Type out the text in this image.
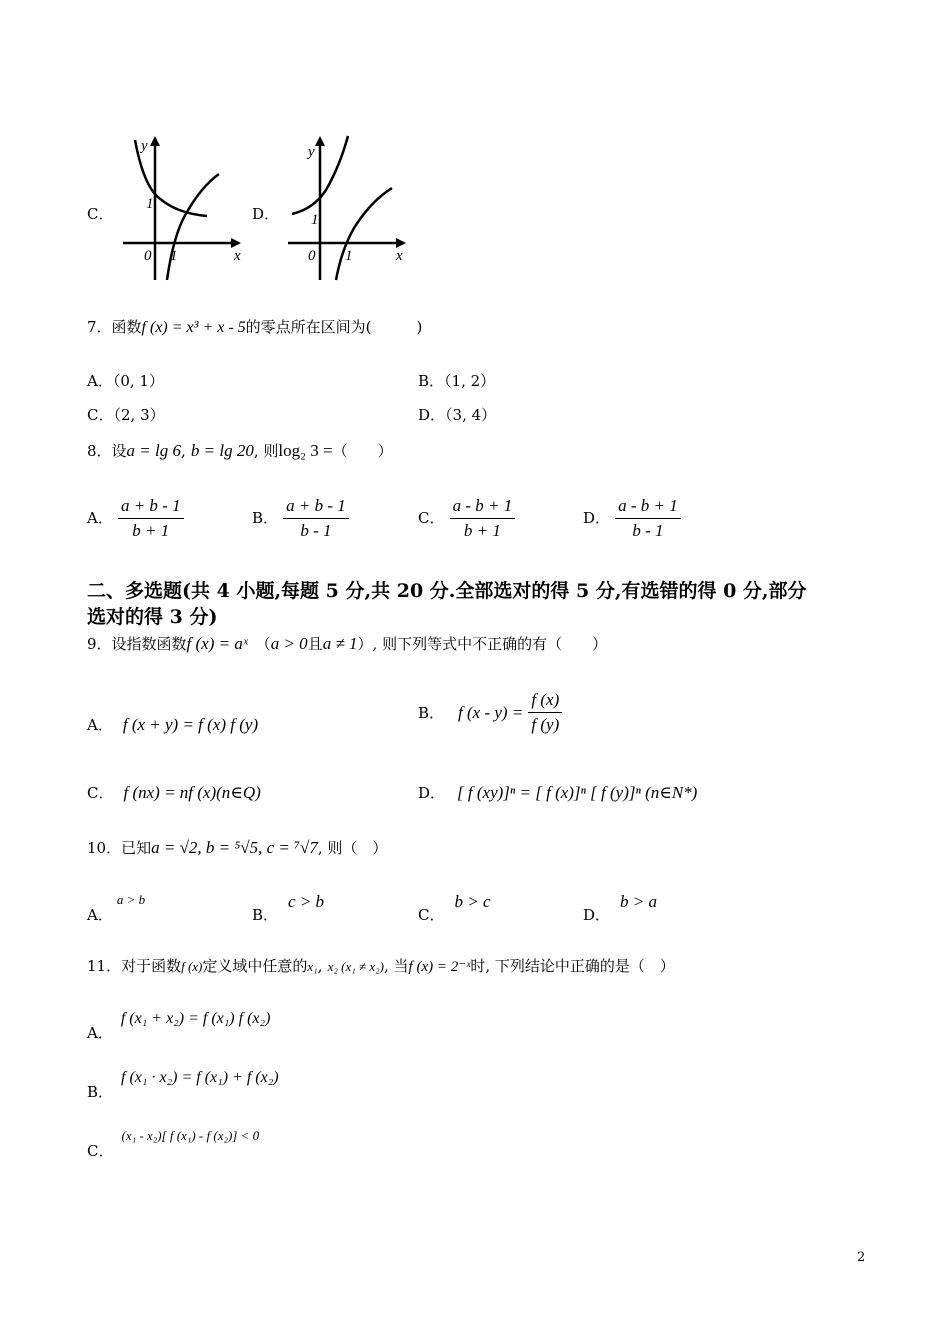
C．
y
x
0 1
1
D．
y
x
0 1
1
7．函数f (x) = x³ + x - 5的零点所在区间为(　　　)
A．（0, 1）	B．（1, 2）
C．（2, 3）	D．（3, 4）
8．设a = lg 6, b = lg 20, 则log₂ 3 =（　　）
A． $\frac{a + b - 1}{b + 1}$	B． $\frac{a + b - 1}{b - 1}$	C． $\frac{a - b + 1}{b + 1}$	D． $\frac{a - b + 1}{b - 1}$
二、多选题(共 4 小题,每题 5 分,共 20 分.全部选对的得 5 分,有选错的得 0 分,部分
选对的得 3 分)
9．设指数函数f (x) = aˣ （a > 0且a ≠ 1）, 则下列等式中不正确的有（　　）
A． f (x + y) = f (x) f (y)
B． f $(x - y) = \frac{f (x)}{f (y)}$
C． f (nx) = nf (x)(n∈Q)	D． [ f (xy)]ⁿ = [ f (x)]ⁿ [ f (y)]ⁿ (n∈N*)
10．已知a = √2, b = ⁵√5, c = ⁷√7, 则（　）
A．$^{a > b}$
B．c > b
C．b > c
D．b > a
11．对于函数f (x)定义域中任意的x₁, x₂ (x₁ ≠ x₂), 当f (x) = 2⁻ˣ时, 下列结论中正确的是（　）
A．f (x₁ + x₂) = f (x₁) f (x₂)
B．f (x₁ · x₂) = f (x₁) + f (x₂)
C．$^{(x_1 - x_2)[ f (x_1) - f (x_2)] < 0}$
2
